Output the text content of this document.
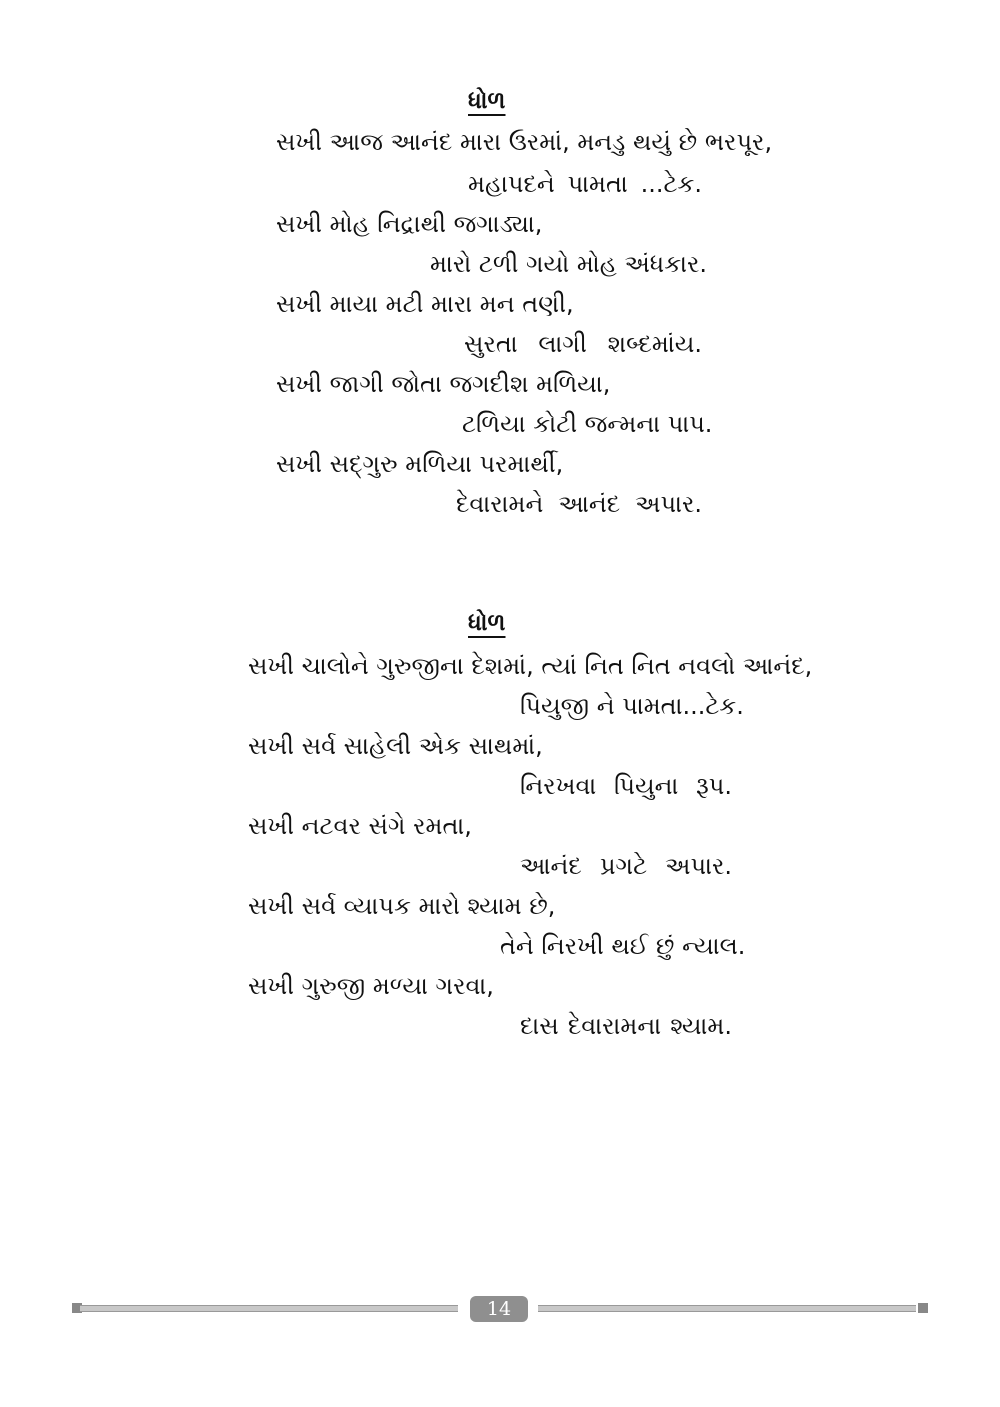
ધોળ
સખી આજ આનંદ મારા ઉરમાં, મનડુ થયું છે ભરપૂર,
મહાપદને પામતા ...ટેક.
સખી મોહ નિદ્રાથી જગાડ્યા,
મારો ટળી ગયો મોહ અંધકાર.
સખી માયા મટી મારા મન તણી,
સુરતા લાગી શબ્દમાંય.
સખી જાગી જોતા જગદીશ મળિયા,
ટળિયા કોટી જન્મના પાપ.
સખી સદ્ગુરુ મળિયા પરમાર્થી,
દેવારામને આનંદ અપાર.
ધોળ
સખી ચાલોને ગુરુજીના દેશમાં, ત્યાં નિત નિત નવલો આનંદ,
પિયુજી ને પામતા...ટેક.
સખી સર્વ સાહેલી એક સાથમાં,
નિરખવા પિયુના રૂપ.
સખી નટવર સંગે રમતા,
આનંદ પ્રગટે અપાર.
સખી સર્વ વ્યાપક મારો શ્યામ છે,
તેને નિરખી થઈ છું ન્યાલ.
સખી ગુરુજી મળ્યા ગરવા,
દાસ દેવારામના શ્યામ.
14
